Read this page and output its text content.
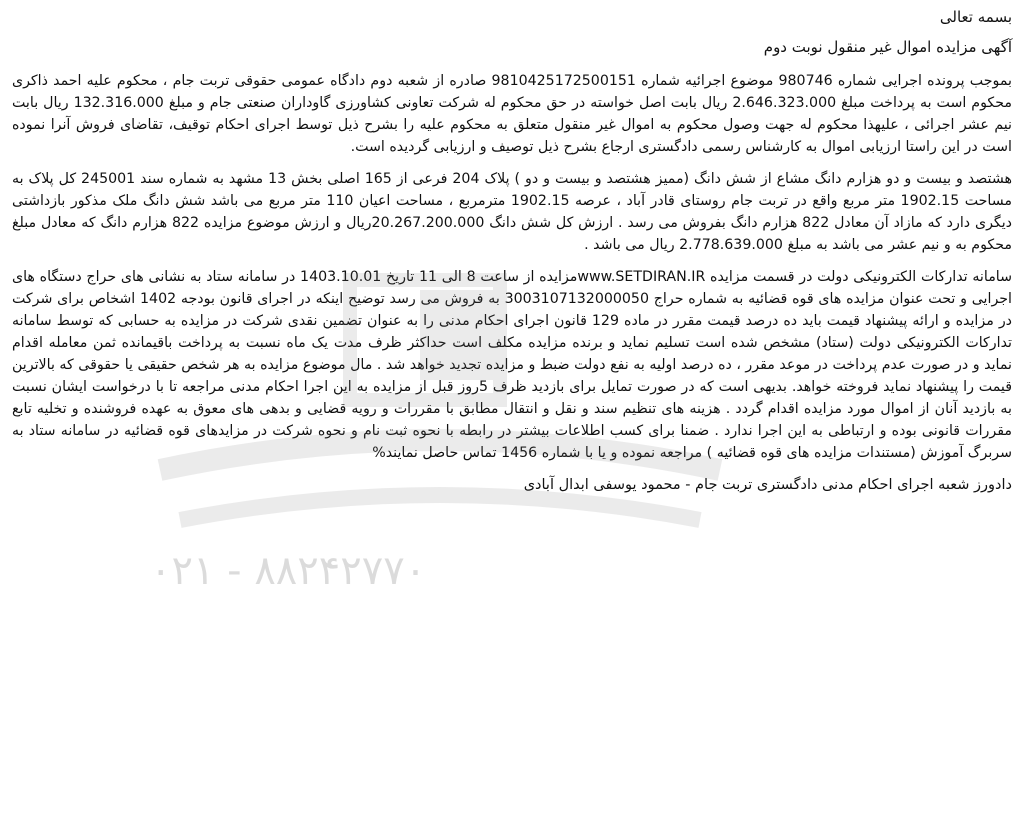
بسمه تعالی
آگهی مزایده اموال غیر منقول نوبت دوم

بموجب پرونده اجرایی شماره 980746 موضوع اجرائیه شماره 9810425172500151 صادره از شعبه دوم دادگاه عمومی حقوقی تربت جام ، محکوم علیه احمد ذاکری محکوم است به پرداخت مبلغ 2.646.323.000 ریال بابت اصل خواسته در حق محکوم له شرکت تعاونی کشاورزی گاوداران صنعتی جام و مبلغ 132.316.000 ریال بابت نیم عشر اجرائی ، علیهذا محکوم له جهت وصول محکوم به اموال غیر منقول متعلق به محکوم علیه را بشرح ذیل توسط اجرای احکام توقیف، تقاضای فروش آنرا نموده است در این راستا ارزیابی اموال به کارشناس رسمی دادگستری ارجاع بشرح ذیل توصیف و ارزیابی گردیده است.

هشتصد و بیست و دو هزارم دانگ مشاع از شش دانگ (ممیز هشتصد و بیست و دو ) پلاک 204 فرعی از 165 اصلی بخش 13 مشهد به شماره سند 245001 کل پلاک به مساحت 1902.15 متر مربع واقع در تربت جام روستای قادر آباد ، عرصه 1902.15 مترمربع ، مساحت اعیان 110 متر مربع می باشد شش دانگ ملک مذکور بازداشتی دیگری دارد که مازاد آن معادل 822 هزارم دانگ بفروش می رسد . ارزش کل شش دانگ 20.267.200.000ریال و ارزش موضوع مزایده 822 هزارم دانگ که معادل مبلغ محکوم به و نیم عشر می باشد به مبلغ 2.778.639.000 ریال می باشد .

سامانه تدارکات الکترونیکی دولت در قسمت مزایده www.SETDIRAN.IRمزایده از ساعت 8 الی 11 تاریخ 1403.10.01 در سامانه ستاد به نشانی های حراج دستگاه های اجرایی و تحت عنوان مزایده های قوه قضائیه به شماره حراج 300310713200005‪0‬ به فروش می رسد توضیح اینکه در اجرای قانون بودجه 1402 اشخاص برای شرکت در مزایده و ارائه پیشنهاد قیمت باید ده درصد قیمت مقرر در ماده 129 قانون اجرای احکام مدنی را به عنوان تضمین نقدی شرکت در مزایده به حسابی که توسط سامانه تدارکات الکترونیکی دولت (ستاد) مشخص شده است تسلیم نماید و برنده مزایده مکلف است حداکثر ظرف مدت یک ماه نسبت به پرداخت باقیمانده ثمن معامله اقدام نماید و در صورت عدم پرداخت در موعد مقرر ، ده درصد اولیه به نفع دولت ضبط و مزایده تجدید خواهد شد . مال موضوع مزایده به هر شخص حقیقی یا حقوقی که بالاترین قیمت را پیشنهاد نماید فروخته خواهد. بدیهی است که در صورت تمایل برای بازدید ظرف 5روز قبل از مزایده به این اجرا احکام مدنی مراجعه تا با درخواست ایشان نسبت به بازدید آنان از اموال مورد مزایده اقدام گردد . هزینه های تنظیم سند و نقل و انتقال مطابق با مقررات و رویه قضایی و بدهی های معوق به عهده فروشنده و تخلیه تابع مقررات قانونی بوده و ارتباطی به این اجرا ندارد . ضمنا برای کسب اطلاعات بیشتر در رابطه با نحوه ثبت نام و نحوه شرکت در مزایدهای قوه قضائیه در سامانه ستاد به سربرگ آموزش (مستندات مزایده های قوه قضائیه ) مراجعه نموده و یا با شماره 1456 تماس حاصل نمایند%

دادورز شعبه اجرای احکام مدنی دادگستری تربت جام - محمود یوسفی ابدال آبادی

۰۲۱ - ۸۸۲۴۲۷۷۰
